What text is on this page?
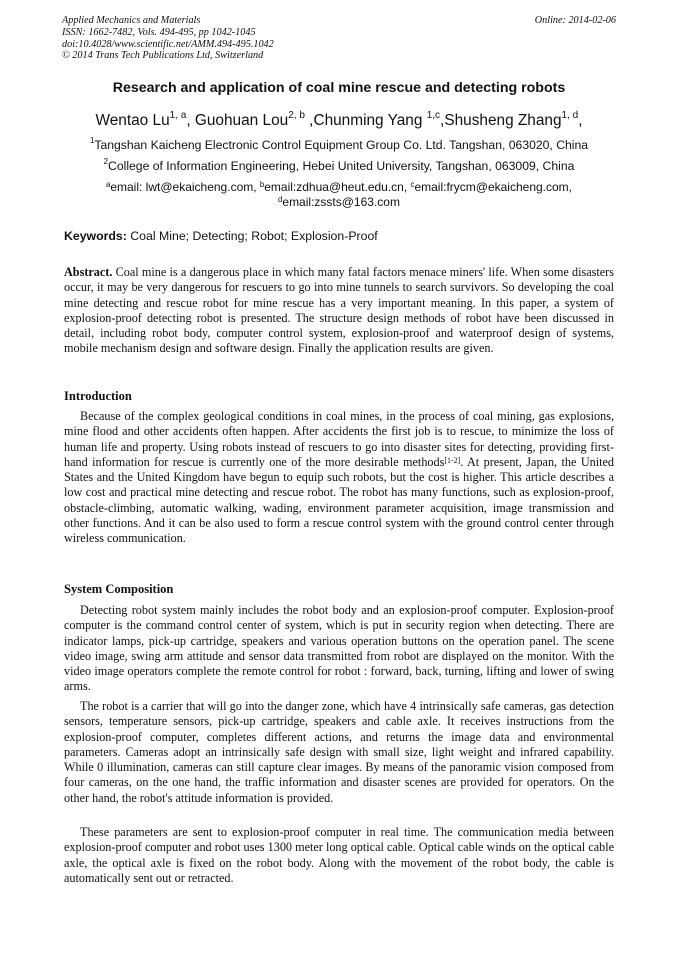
Applied Mechanics and Materials
ISSN: 1662-7482, Vols. 494-495, pp 1042-1045
doi:10.4028/www.scientific.net/AMM.494-495.1042
© 2014 Trans Tech Publications Ltd, Switzerland
Online: 2014-02-06
Research and application of coal mine rescue and detecting robots
Wentao Lu$^{1, a}$, Guohuan Lou$^{2, b}$ ,Chunming Yang $^{1,c}$,Shusheng Zhang$^{1, d}$,
$^1$Tangshan Kaicheng Electronic Control Equipment Group Co. Ltd. Tangshan, 063020, China
$^2$College of Information Engineering, Hebei United University, Tangshan, 063009, China
$^a$email: lwt@ekaicheng.com, $^b$email:zdhua@heut.edu.cn, $^c$email:frycm@ekaicheng.com,
$^d$email:zssts@163.com
Keywords: Coal Mine; Detecting; Robot; Explosion-Proof

Abstract. Coal mine is a dangerous place in which many fatal factors menace miners' life. When some disasters occur, it may be very dangerous for rescuers to go into mine tunnels to search survivors. So developing the coal mine detecting and rescue robot for mine rescue has a very important meaning. In this paper, a system of explosion-proof detecting robot is presented. The structure design methods of robot have been discussed in detail, including robot body, computer control system, explosion-proof and waterproof design of systems, mobile mechanism design and software design. Finally the application results are given.

Introduction

Because of the complex geological conditions in coal mines, in the process of coal mining, gas explosions, mine flood and other accidents often happen. After accidents the first job is to rescue, to minimize the loss of human life and property. Using robots instead of rescuers to go into disaster sites for detecting, providing first-hand information for rescue is currently one of the more desirable methods[1-2]. At present, Japan, the United States and the United Kingdom have begun to equip such robots, but the cost is higher. This article describes a low cost and practical mine detecting and rescue robot. The robot has many functions, such as explosion-proof, obstacle-climbing, automatic walking, wading, environment parameter acquisition, image transmission and other functions. And it can be also used to form a rescue control system with the ground control center through wireless communication.

System Composition

Detecting robot system mainly includes the robot body and an explosion-proof computer. Explosion-proof computer is the command control center of system, which is put in security region when detecting. There are indicator lamps, pick-up cartridge, speakers and various operation buttons on the operation panel. The scene video image, swing arm attitude and sensor data transmitted from robot are displayed on the monitor. With the video image operators complete the remote control for robot : forward, back, turning, lifting and lower of swing arms.

The robot is a carrier that will go into the danger zone, which have 4 intrinsically safe cameras, gas detection sensors, temperature sensors, pick-up cartridge, speakers and cable axle. It receives instructions from the explosion-proof computer, completes different actions, and returns the image data and environmental parameters. Cameras adopt an intrinsically safe design with small size, light weight and infrared capability. While 0 illumination, cameras can still capture clear images. By means of the panoramic vision composed from four cameras, on the one hand, the traffic information and disaster scenes are provided for operators. On the other hand, the robot's attitude information is provided.

These parameters are sent to explosion-proof computer in real time. The communication media between explosion-proof computer and robot uses 1300 meter long optical cable. Optical cable winds on the optical cable axle, the optical axle is fixed on the robot body. Along with the movement of the robot body, the cable is automatically sent out or retracted.
